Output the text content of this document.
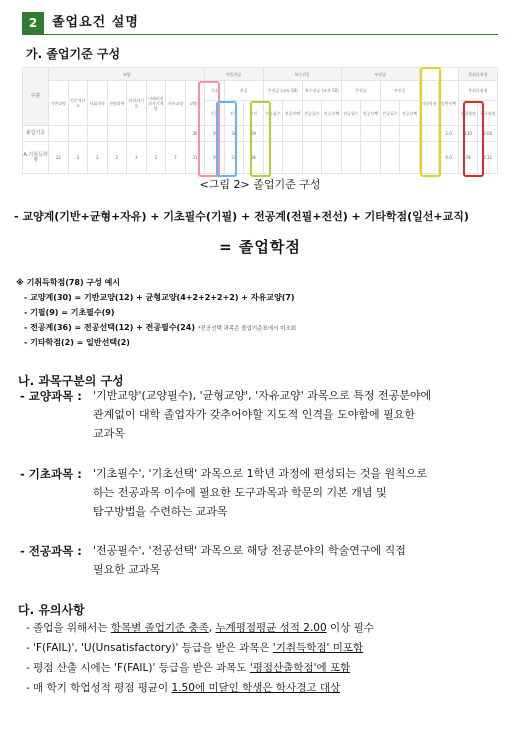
2	졸업요건 설명
가. 졸업기준 구성
구분	교양								단일전공			복수전공				부전공						총취득학점	
	기반교양	인문적사고	사회과학	자연과학	과학과기술	미래비전과자기계발	자유교양	교양계	기초	전공		주전공 (교직 50)		복수전공 (교직 50)		주전공		부전공		기타학점	일반선택	총취득학점	
									기필	전필	전선	전공필수	전공선택	전공필수	전공선택	전공필수	전공선택	전공필수	전공선택			졸업학점	평균학점
졸업기준								30	9	30	69										2.0	130	2.00
A.기취득학점	12	3	2	2	3	2	7	31	9	24	36										0.0	78	4.31
<그림 2> 졸업기준 구성
- 교양계(기반+균형+자유) + 기초필수(기필) + 전공계(전필+전선) + 기타학점(일선+교직)
= 졸업학점
※ 기취득학점(78) 구성 예시
- 교양계(30) = 기반교양(12) + 균형교양(4+2+2+2+2) + 자유교양(7)
- 기필(9) = 기초필수(9)
- 전공계(36) = 전공선택(12) + 전공필수(24) *전공선택 과목은 졸업기준표에서 미조회
- 기타학점(2) = 일반선택(2)
나. 과목구분의 구성
- 교양과목 : '기반교양'(교양필수), '균형교양', '자유교양' 과목으로 특정 전공분야에
관계없이 대학 졸업자가 갖추어야할 지도적 인격을 도야함에 필요한
교과목
- 기초과목 : '기초필수', '기초선택' 과목으로 1학년 과정에 편성되는 것을 원칙으로
하는 전공과목 이수에 필요한 도구과목과 학문의 기본 개념 및
탐구방법을 수련하는 교과목
- 전공과목 : '전공필수', '전공선택' 과목으로 해당 전공분야의 학술연구에 직접
필요한 교과목
다. 유의사항
- 졸업을 위해서는 항목별 졸업기준 충족, 누계평점평균 성적 2.00 이상 필수
- 'F(FAIL)', 'U(Unsatisfactory)' 등급을 받은 과목은 '기취득학점' 미포함
- 평점 산출 시에는 'F(FAIL)' 등급을 받은 과목도 '평점산출학점'에 포함
- 매 학기 학업성적 평점 평균이 1.50에 미달인 학생은 학사경고 대상
